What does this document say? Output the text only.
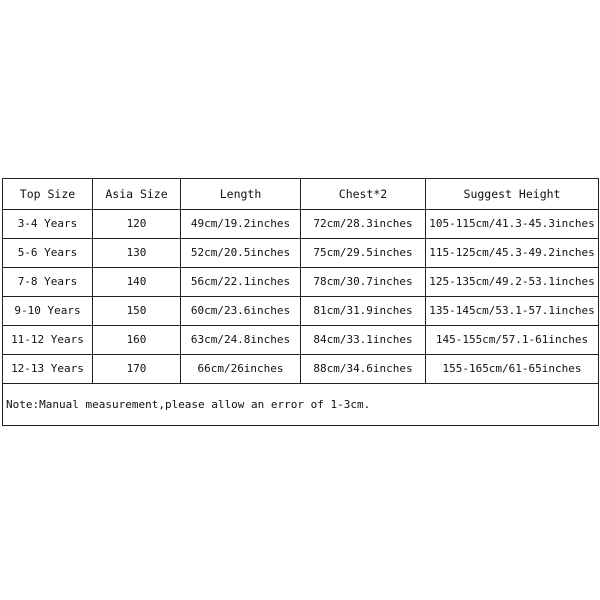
Top Size	Asia Size	Length	Chest*2	Suggest Height
3-4 Years	120	49cm/19.2inches	72cm/28.3inches	105-115cm/41.3-45.3inches
5-6 Years	130	52cm/20.5inches	75cm/29.5inches	115-125cm/45.3-49.2inches
7-8 Years	140	56cm/22.1inches	78cm/30.7inches	125-135cm/49.2-53.1inches
9-10 Years	150	60cm/23.6inches	81cm/31.9inches	135-145cm/53.1-57.1inches
11-12 Years	160	63cm/24.8inches	84cm/33.1inches	145-155cm/57.1-61inches
12-13 Years	170	66cm/26inches	88cm/34.6inches	155-165cm/61-65inches
Note:Manual measurement,please allow an error of 1-3cm.				
